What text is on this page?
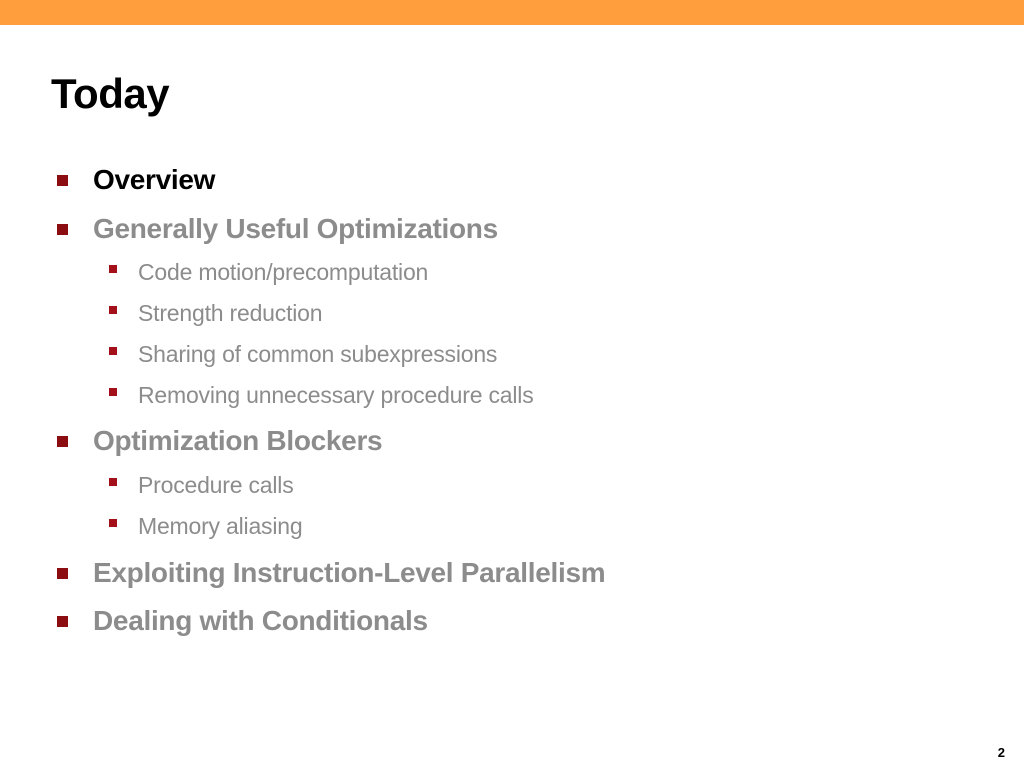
Today
Overview
Generally Useful Optimizations
Code motion/precomputation
Strength reduction
Sharing of common subexpressions
Removing unnecessary procedure calls
Optimization Blockers
Procedure calls
Memory aliasing
Exploiting Instruction-Level Parallelism
Dealing with Conditionals
2
